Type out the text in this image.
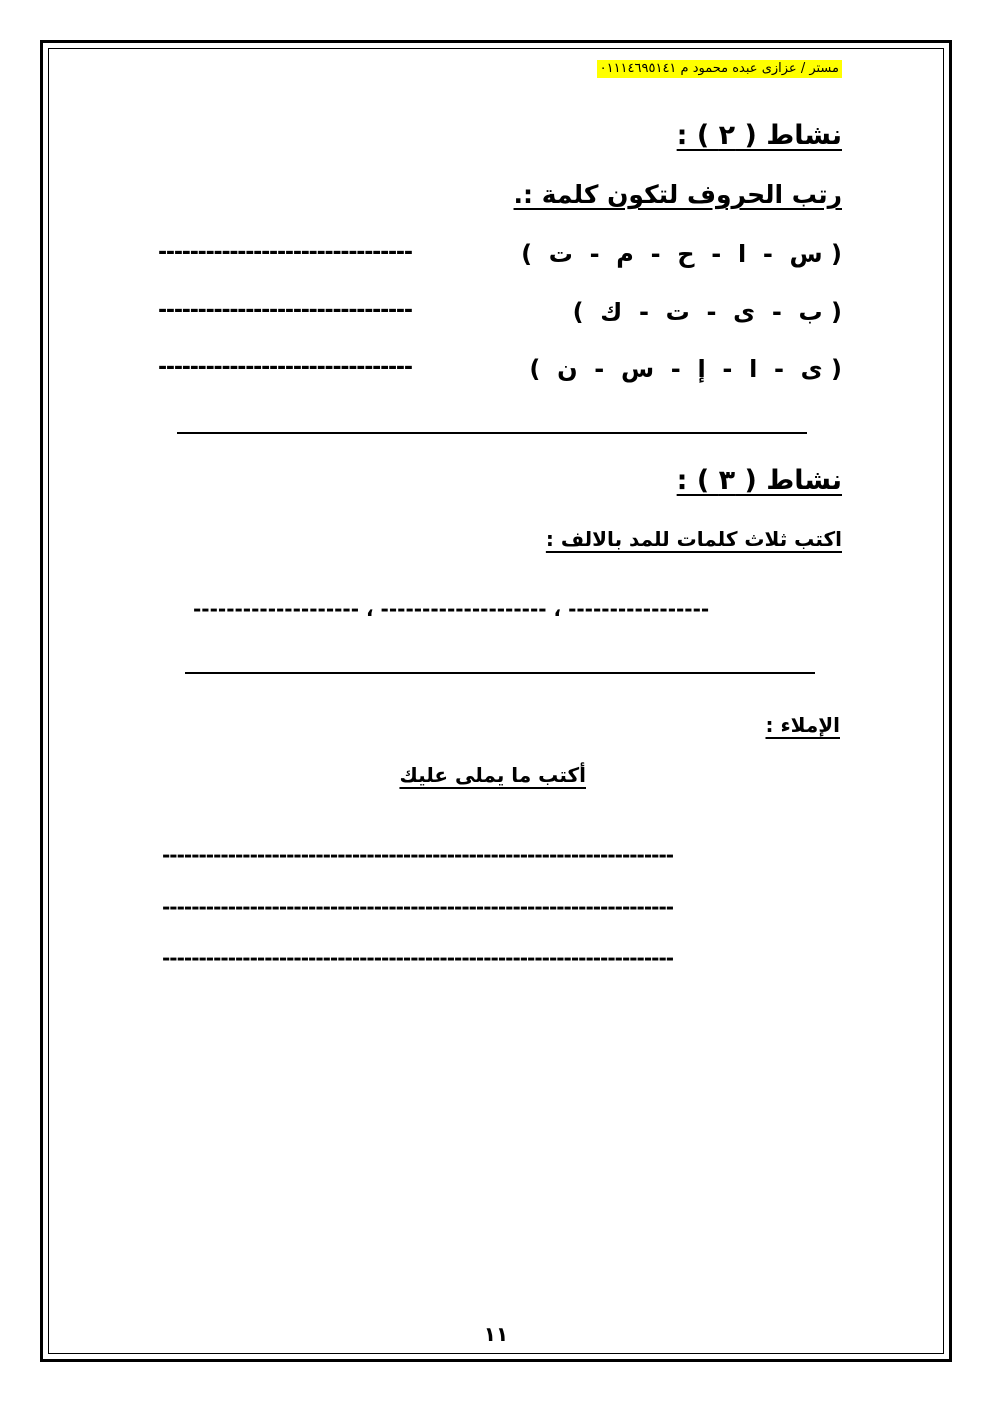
مستر / عزازى عبده محمود م ٠١١١٤٦٩٥١٤١
نشاط ( ٢ ) :
رتب الحروف لتكون كلمة :.
( س  -  ا  -  ح  -  م  -  ت  )
--------------------------------
( ب  -  ى  -  ت  -  ك  )
--------------------------------
( ى  -  ا  -  إ  -  س  -  ن  )
--------------------------------
نشاط ( ٣ ) :
اكتب ثلاث كلمات للمد بالالف :
-------------------- ، -------------------- ، -----------------
الإملاء :
أكتب ما يملى عليك
----------------------------------------------------------------------
----------------------------------------------------------------------
----------------------------------------------------------------------
١١
